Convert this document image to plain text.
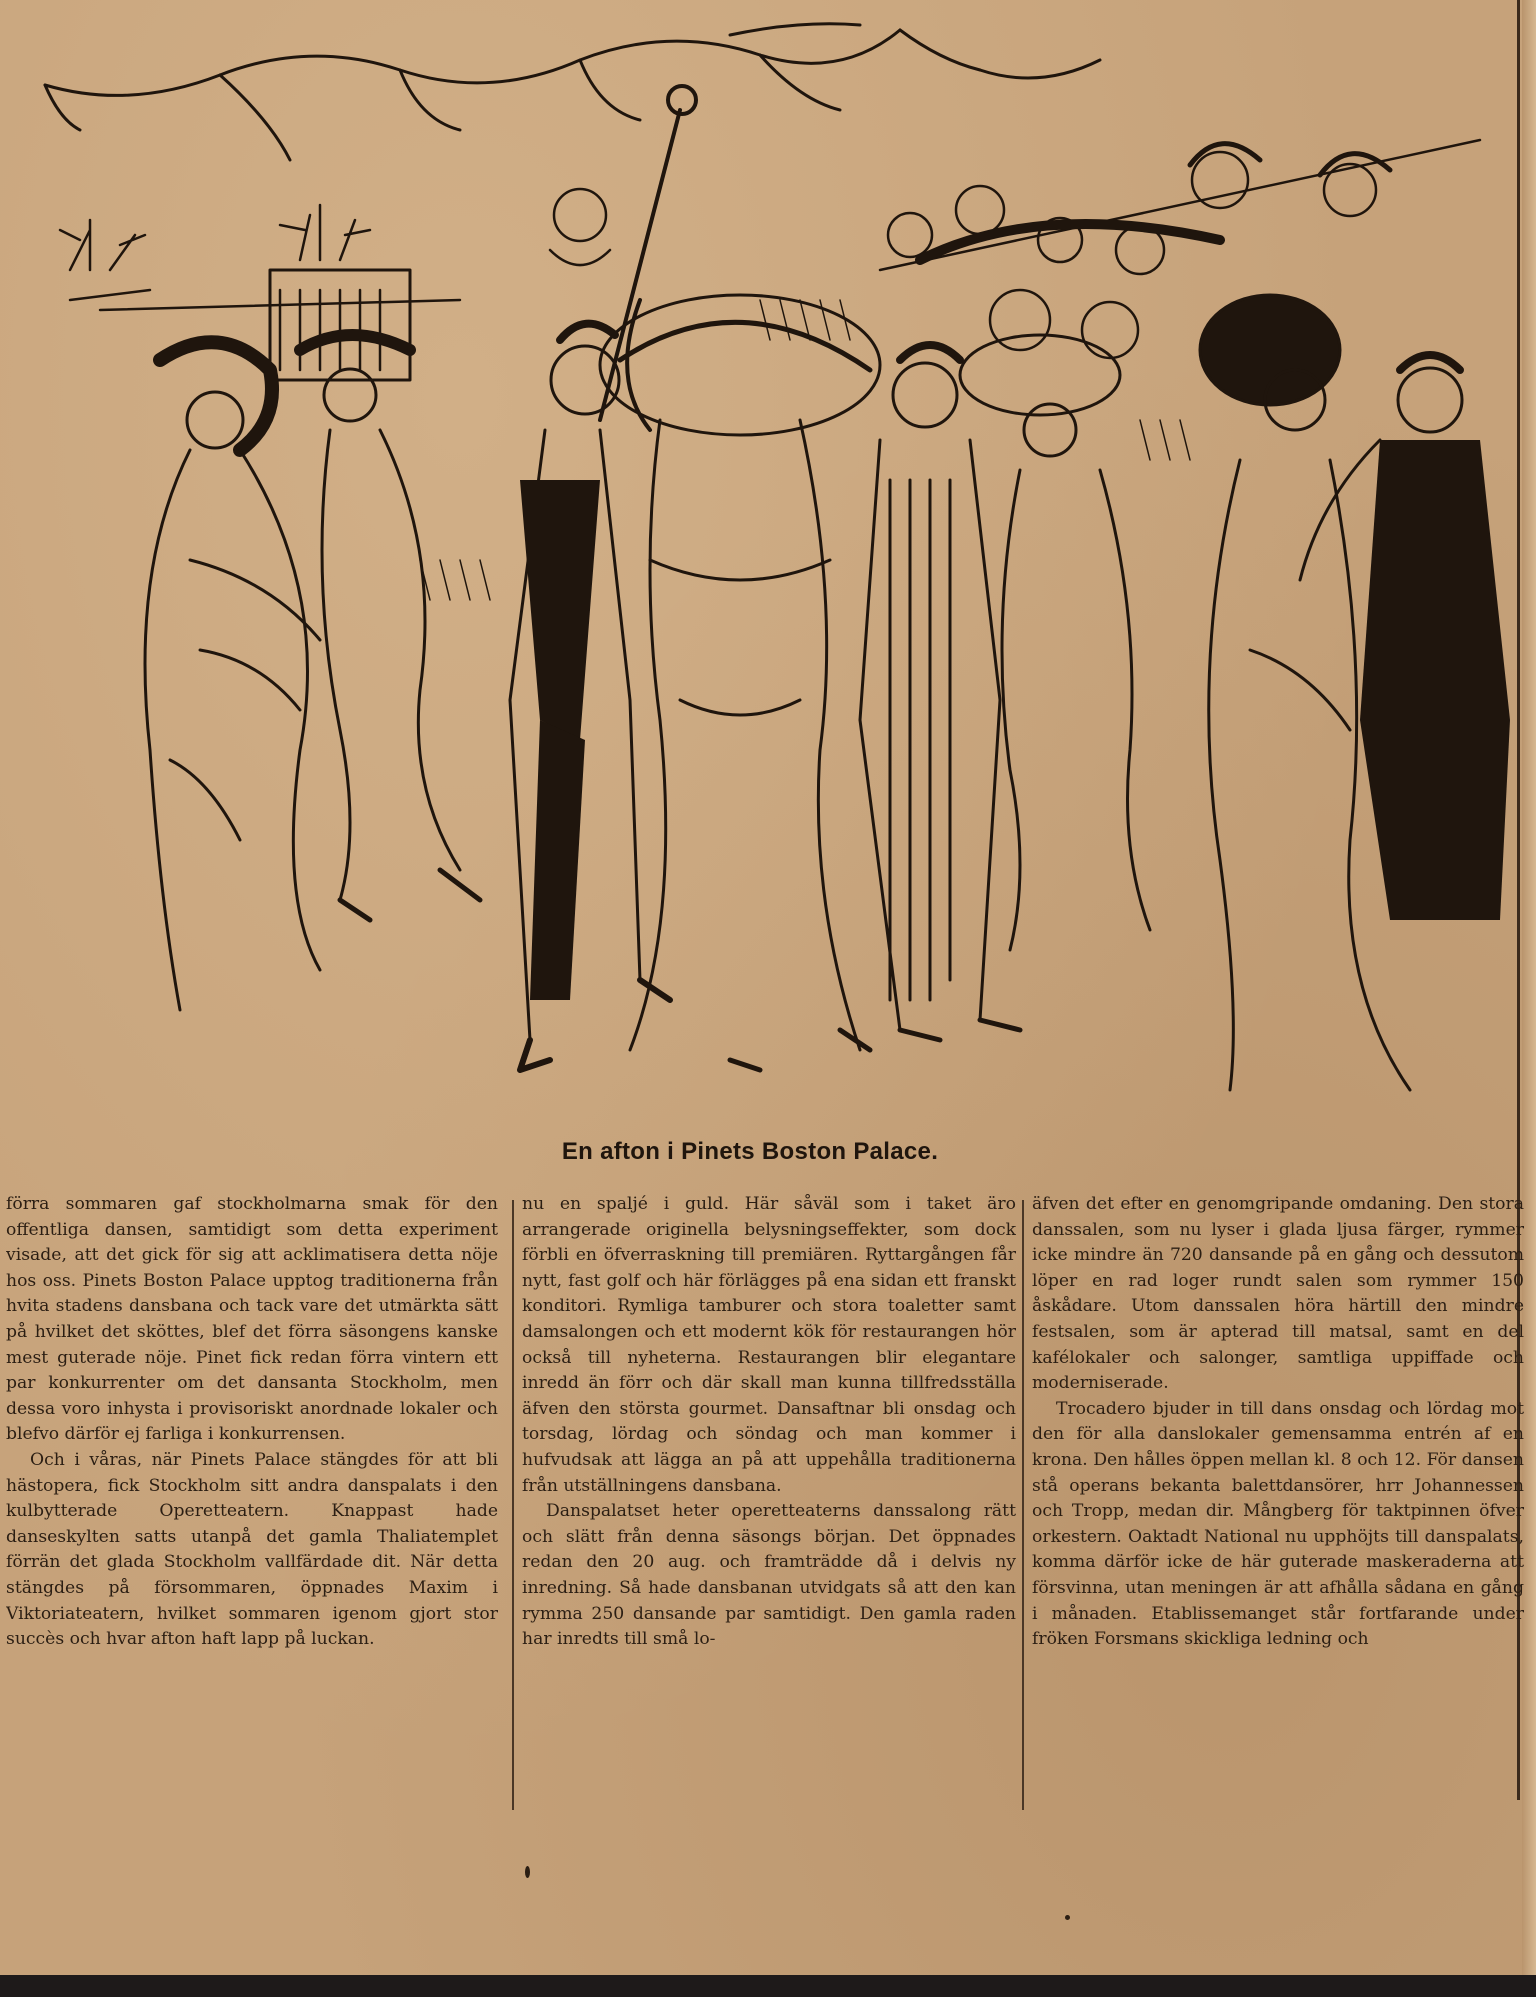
En afton i Pinets Boston Palace.

förra sommaren gaf stockholmarna smak för den offentliga dansen, samtidigt som detta experiment visade, att det gick för sig att acklimatisera detta nöje hos oss. Pinets Boston Palace upptog traditionerna från hvita stadens dansbana och tack vare det utmärkta sätt på hvilket det sköttes, blef det förra säsongens kanske mest guterade nöje. Pinet fick redan förra vintern ett par konkurrenter om det dansanta Stockholm, men dessa voro inhysta i provisoriskt anordnade lokaler och blefvo därför ej farliga i konkurrensen.

Och i våras, när Pinets Palace stängdes för att bli hästopera, fick Stockholm sitt andra danspalats i den kulbytterade Operetteatern. Knappast hade danseskylten satts utanpå det gamla Thaliatemplet förrän det glada Stockholm vallfärdade dit. När detta stängdes på försommaren, öppnades Maxim i Viktoriateatern, hvilket sommaren igenom gjort stor succès och hvar afton haft lapp på luckan.

nu en spaljé i guld. Här såväl som i taket äro arrangerade originella belysningseffekter, som dock förbli en öfverraskning till premiären. Ryttargången får nytt, fast golf och här förlägges på ena sidan ett franskt konditori. Rymliga tamburer och stora toaletter samt damsalongen och ett modernt kök för restaurangen hör också till nyheterna. Restaurangen blir elegantare inredd än förr och där skall man kunna tillfredsställa äfven den största gourmet. Dansaftnar bli onsdag och torsdag, lördag och söndag och man kommer i hufvudsak att lägga an på att uppehålla traditionerna från utställningens dansbana.

Danspalatset heter operetteaterns danssalong rätt och slätt från denna säsongs början. Det öppnades redan den 20 aug. och framträdde då i delvis ny inredning. Så hade dansbanan utvidgats så att den kan rymma 250 dansande par samtidigt. Den gamla raden har inredts till små lo-

äfven det efter en genomgripande omdaning. Den stora danssalen, som nu lyser i glada ljusa färger, rymmer icke mindre än 720 dansande på en gång och dessutom löper en rad loger rundt salen som rymmer 150 åskådare. Utom danssalen höra härtill den mindre festsalen, som är apterad till matsal, samt en del kafélokaler och salonger, samtliga uppiffade och moderniserade.

Trocadero bjuder in till dans onsdag och lördag mot den för alla danslokaler gemensamma entrén af en krona. Den hålles öppen mellan kl. 8 och 12. För dansen stå operans bekanta balettdansörer, hrr Johannessen och Tropp, medan dir. Mångberg för taktpinnen öfver orkestern. Oaktadt National nu upphöjts till danspalats, komma därför icke de här guterade maskeraderna att försvinna, utan meningen är att afhålla sådana en gång i månaden. Etablissemanget står fortfarande under fröken Forsmans skickliga ledning och
